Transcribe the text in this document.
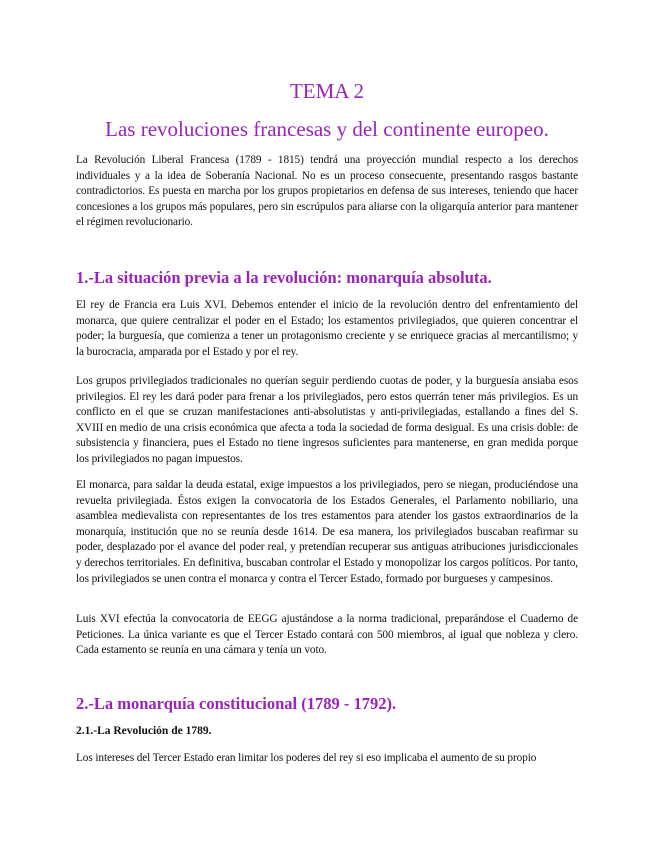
TEMA 2
Las revoluciones francesas y del continente europeo.

La Revolución Liberal Francesa (1789 - 1815) tendrá una proyección mundial respecto a los derechos individuales y a la idea de Soberanía Nacional. No es un proceso consecuente, presentando rasgos bastante contradictorios. Es puesta en marcha por los grupos propietarios en defensa de sus intereses, teniendo que hacer concesiones a los grupos más populares, pero sin escrúpulos para aliarse con la oligarquía anterior para mantener el régimen revolucionario.

1.-La situación previa a la revolución: monarquía absoluta.

El rey de Francia era Luis XVI. Debemos entender el inicio de la revolución dentro del enfrentamiento del monarca, que quiere centralizar el poder en el Estado; los estamentos privilegiados, que quieren concentrar el poder; la burguesía, que comienza a tener un protagonismo creciente y se enriquece gracias al mercantilismo; y la burocracia, amparada por el Estado y por el rey.

Los grupos privilegiados tradicionales no querían seguir perdiendo cuotas de poder, y la burguesía ansiaba esos privilegios. El rey les dará poder para frenar a los privilegiados, pero estos querrán tener más privilegios. Es un conflicto en el que se cruzan manifestaciones anti-absolutistas y anti-privilegiadas, estallando a fines del S. XVIII en medio de una crisis económica que afecta a toda la sociedad de forma desigual. Es una crisis doble: de subsistencia y financiera, pues el Estado no tiene ingresos suficientes para mantenerse, en gran medida porque los privilegiados no pagan impuestos.

El monarca, para saldar la deuda estatal, exige impuestos a los privilegiados, pero se niegan, produciéndose una revuelta privilegiada. Éstos exigen la convocatoria de los Estados Generales, el Parlamento nobiliario, una asamblea medievalista con representantes de los tres estamentos para atender los gastos extraordinarios de la monarquía, institución que no se reunía desde 1614. De esa manera, los privilegiados buscaban reafirmar su poder, desplazado por el avance del poder real, y pretendían recuperar sus antiguas atribuciones jurisdiccionales y derechos territoriales. En definitiva, buscaban controlar el Estado y monopolizar los cargos políticos. Por tanto, los privilegiados se unen contra el monarca y contra el Tercer Estado, formado por burgueses y campesinos.

Luis XVI efectúa la convocatoria de EEGG ajustándose a la norma tradicional, preparándose el Cuaderno de Peticiones. La única variante es que el Tercer Estado contará con 500 miembros, al igual que nobleza y clero. Cada estamento se reunía en una cámara y tenía un voto.

2.-La monarquía constitucional (1789 - 1792).
2.1.-La Revolución de 1789.

Los intereses del Tercer Estado eran limitar los poderes del rey si eso implicaba el aumento de su propio
